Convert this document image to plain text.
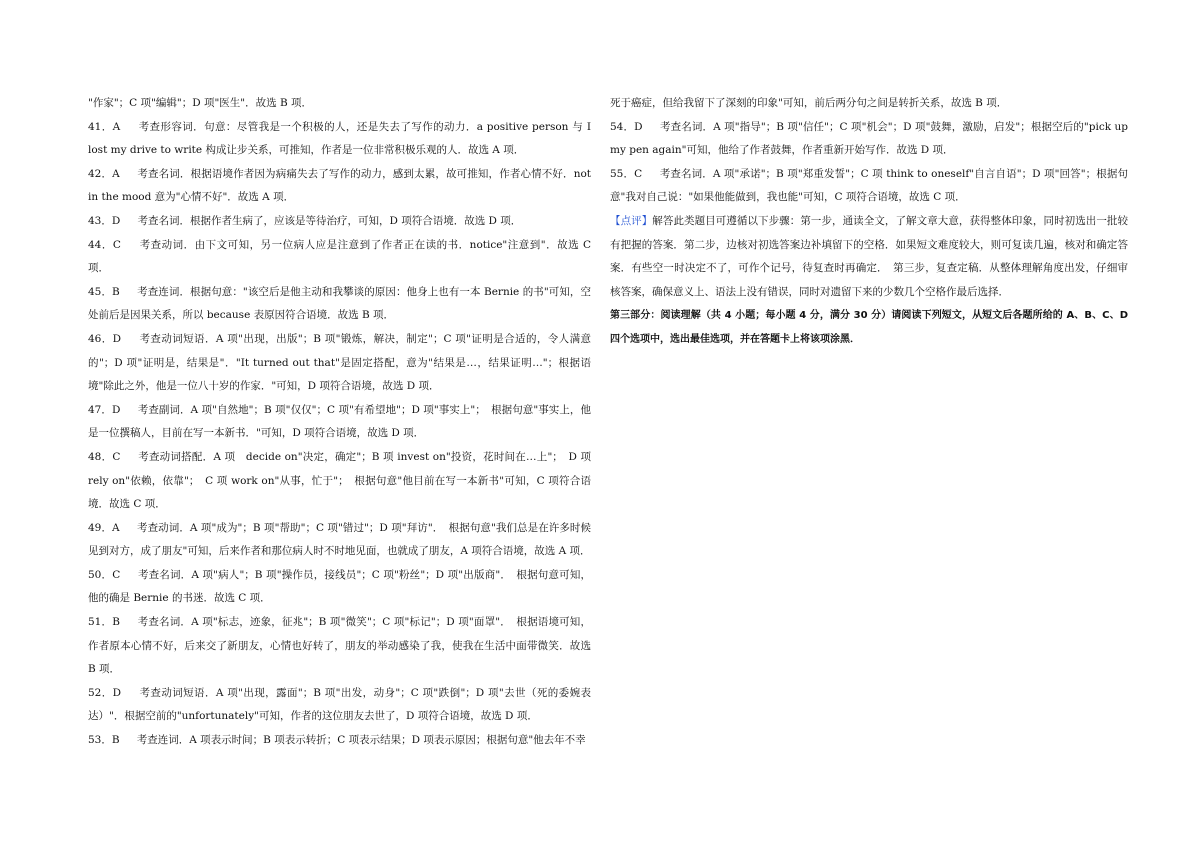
"作家"；C 项"编辑"；D 项"医生"．故选 B 项．

41．A 　 考查形容词．句意：尽管我是一个积极的人，还是失去了写作的动力．a positive person 与 I lost my drive to write 构成让步关系，可推知，作者是一位非常积极乐观的人．故选 A 项．

42．A 　 考查名词．根据语境作者因为病痛失去了写作的动力，感到太累，故可推知，作者心情不好．not in the mood 意为"心情不好"．故选 A 项．

43．D 　 考查名词．根据作者生病了，应该是等待治疗，可知，D 项符合语境．故选 D 项．

44．C 　 考查动词．由下文可知，另一位病人应是注意到了作者正在读的书．notice"注意到"．故选 C 项．

45．B 　 考查连词．根据句意："该空后是他主动和我攀谈的原因：他身上也有一本 Bernie 的书"可知，空处前后是因果关系，所以 because 表原因符合语境．故选 B 项．

46．D 　 考查动词短语．A 项"出现，出版"；B 项"锻炼，解决，制定"；C 项"证明是合适的，令人满意的"；D 项"证明是，结果是"．"It turned out that"是固定搭配，意为"结果是…，结果证明…"；根据语境"除此之外，他是一位八十岁的作家．"可知，D 项符合语境，故选 D 项．

47．D 　 考查副词．A 项"自然地"；B 项"仅仅"；C 项"有希望地"；D 项"事实上"；　根据句意"事实上，他是一位撰稿人，目前在写一本新书．"可知，D 项符合语境，故选 D 项．

48．C 　 考查动词搭配．A 项　decide on"决定，确定"；B 项 invest on"投资，花时间在…上"；　D 项 rely on"依赖，依靠"；　C 项 work on"从事，忙于"；　根据句意"他目前在写一本新书"可知，C 项符合语境．故选 C 项．

49．A 　 考查动词．A 项"成为"；B 项"帮助"；C 项"错过"；D 项"拜访"．　根据句意"我们总是在许多时候见到对方，成了朋友"可知，后来作者和那位病人时不时地见面，也就成了朋友，A 项符合语境，故选 A 项．

50．C 　 考查名词．A 项"病人"；B 项"操作员，接线员"；C 项"粉丝"；D 项"出版商"．　根据句意可知，他的确是 Bernie 的书迷．故选 C 项．

51．B 　 考查名词．A 项"标志，迹象，征兆"；B 项"微笑"；C 项"标记"；D 项"面罩"．　根据语境可知，作者原本心情不好，后来交了新朋友，心情也好转了，朋友的举动感染了我，使我在生活中面带微笑．故选 B 项．

52．D 　 考查动词短语．A 项"出现，露面"；B 项"出发，动身"；C 项"跌倒"；D 项"去世（死的委婉表达）"．根据空前的"unfortunately"可知，作者的这位朋友去世了，D 项符合语境，故选 D 项．

53．B 　 考查连词．A 项表示时间；B 项表示转折；C 项表示结果；D 项表示原因；根据句意"他去年不幸

死于癌症，但给我留下了深刻的印象"可知，前后两分句之间是转折关系，故选 B 项．

54．D 　 考查名词．A 项"指导"；B 项"信任"；C 项"机会"；D 项"鼓舞，激励，启发"；根据空后的"pick up my pen again"可知，他给了作者鼓舞，作者重新开始写作．故选 D 项．

55．C 　 考查名词．A 项"承诺"；B 项"郑重发誓"；C 项 think to oneself"自言自语"；D 项"回答"；根据句意"我对自己说："如果他能做到，我也能"可知，C 项符合语境，故选 C 项．

【点评】解答此类题目可遵循以下步骤：第一步，通读全文，了解文章大意，获得整体印象，同时初选出一批较有把握的答案．第二步，边核对初选答案边补填留下的空格．如果短文难度较大，则可复读几遍，核对和确定答案．有些空一时决定不了，可作个记号，待复查时再确定．　第三步，复查定稿．从整体理解角度出发，仔细审核答案，确保意义上、语法上没有错误，同时对遗留下来的少数几个空格作最后选择．

第三部分：阅读理解（共 4 小题；每小题 4 分，满分 30 分）请阅读下列短文，从短文后各题所给的 A、B、C、D 四个选项中，选出最佳选项，并在答题卡上将该项涂黑．
